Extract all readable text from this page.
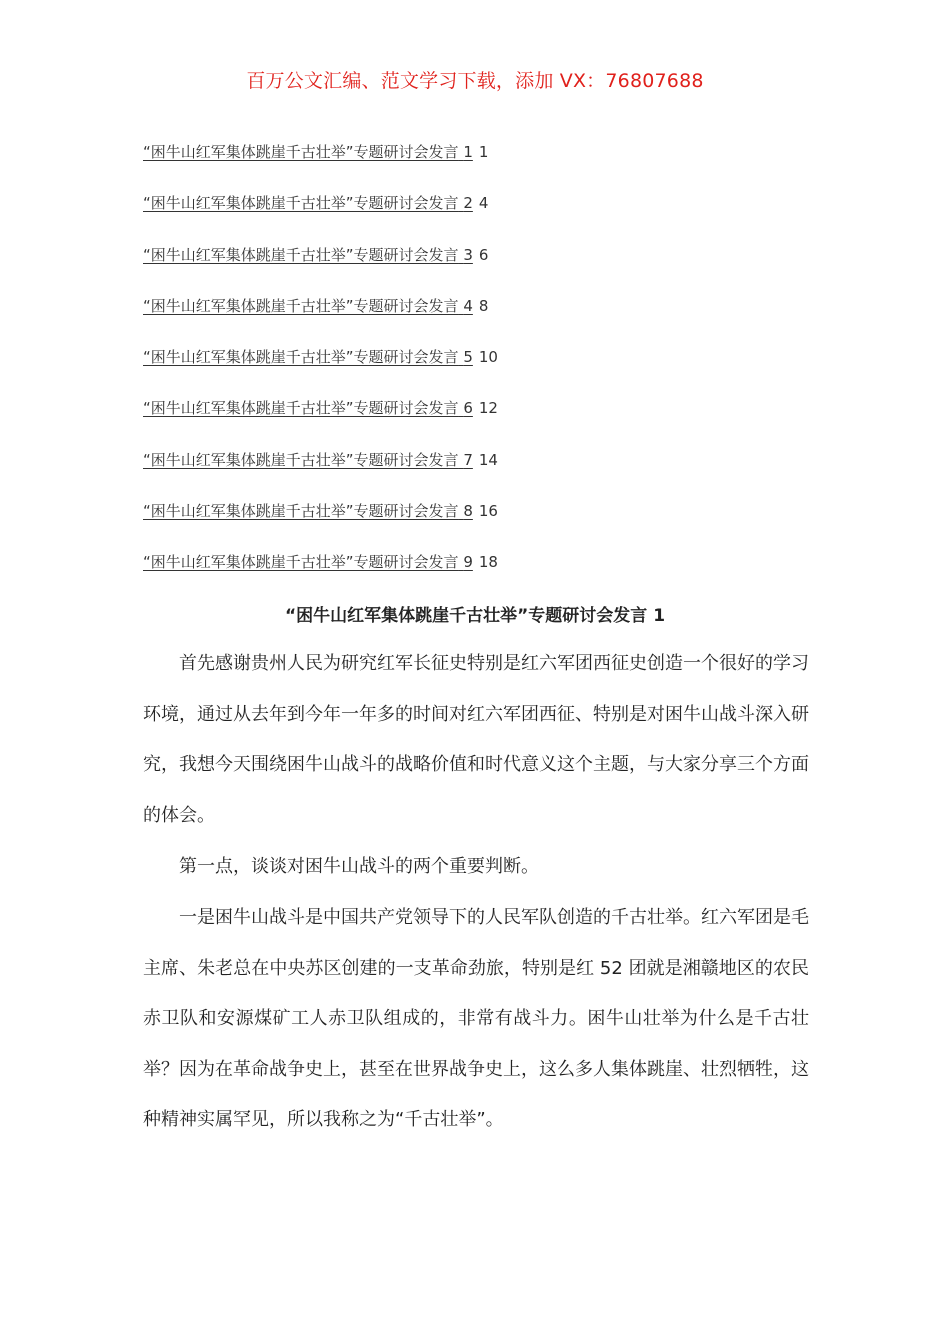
百万公文汇编、范文学习下载，添加 VX：76807688
“困牛山红军集体跳崖千古壮举”专题研讨会发言 1 1
“困牛山红军集体跳崖千古壮举”专题研讨会发言 2 4
“困牛山红军集体跳崖千古壮举”专题研讨会发言 3 6
“困牛山红军集体跳崖千古壮举”专题研讨会发言 4 8
“困牛山红军集体跳崖千古壮举”专题研讨会发言 5 10
“困牛山红军集体跳崖千古壮举”专题研讨会发言 6 12
“困牛山红军集体跳崖千古壮举”专题研讨会发言 7 14
“困牛山红军集体跳崖千古壮举”专题研讨会发言 8 16
“困牛山红军集体跳崖千古壮举”专题研讨会发言 9 18
“困牛山红军集体跳崖千古壮举”专题研讨会发言 1

首先感谢贵州人民为研究红军长征史特别是红六军团西征史创造一个很好的学习环境，通过从去年到今年一年多的时间对红六军团西征、特别是对困牛山战斗深入研究，我想今天围绕困牛山战斗的战略价值和时代意义这个主题，与大家分享三个方面的体会。

第一点，谈谈对困牛山战斗的两个重要判断。

一是困牛山战斗是中国共产党领导下的人民军队创造的千古壮举。红六军团是毛主席、朱老总在中央苏区创建的一支革命劲旅，特别是红 52 团就是湘赣地区的农民赤卫队和安源煤矿工人赤卫队组成的，非常有战斗力。困牛山壮举为什么是千古壮举？因为在革命战争史上，甚至在世界战争史上，这么多人集体跳崖、壮烈牺牲，这种精神实属罕见，所以我称之为“千古壮举”。
